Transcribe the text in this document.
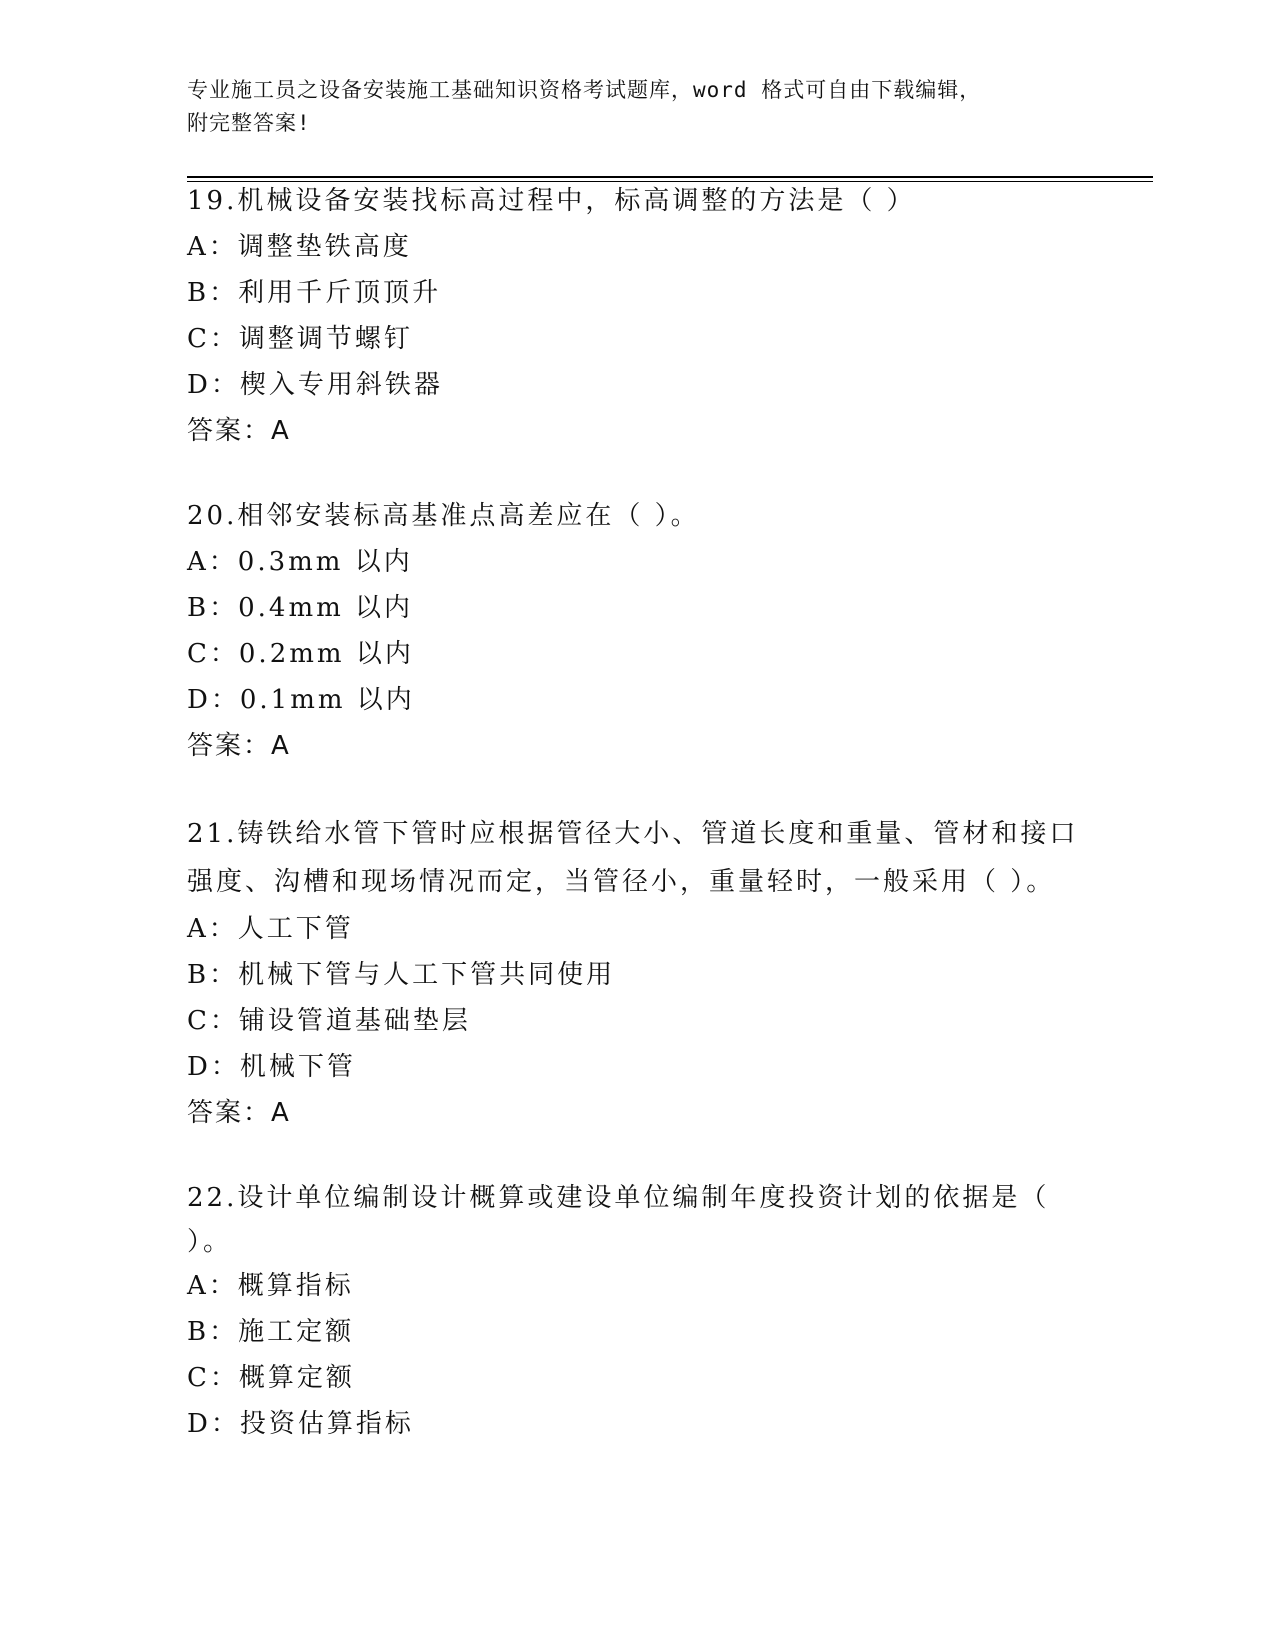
专业施工员之设备安装施工基础知识资格考试题库，word 格式可自由下载编辑，
附完整答案!
19.机械设备安装找标高过程中，标高调整的方法是（ ）
A：调整垫铁高度
B：利用千斤顶顶升
C：调整调节螺钉
D：楔入专用斜铁器
答案：A
20.相邻安装标高基准点高差应在（ ）。
A：0.3mm 以内
B：0.4mm 以内
C：0.2mm 以内
D：0.1mm 以内
答案：A
21.铸铁给水管下管时应根据管径大小、管道长度和重量、管材和接口
强度、沟槽和现场情况而定，当管径小，重量轻时，一般采用（ ）。
A：人工下管
B：机械下管与人工下管共同使用
C：铺设管道基础垫层
D：机械下管
答案：A
22.设计单位编制设计概算或建设单位编制年度投资计划的依据是（
）。
A：概算指标
B：施工定额
C：概算定额
D：投资估算指标
